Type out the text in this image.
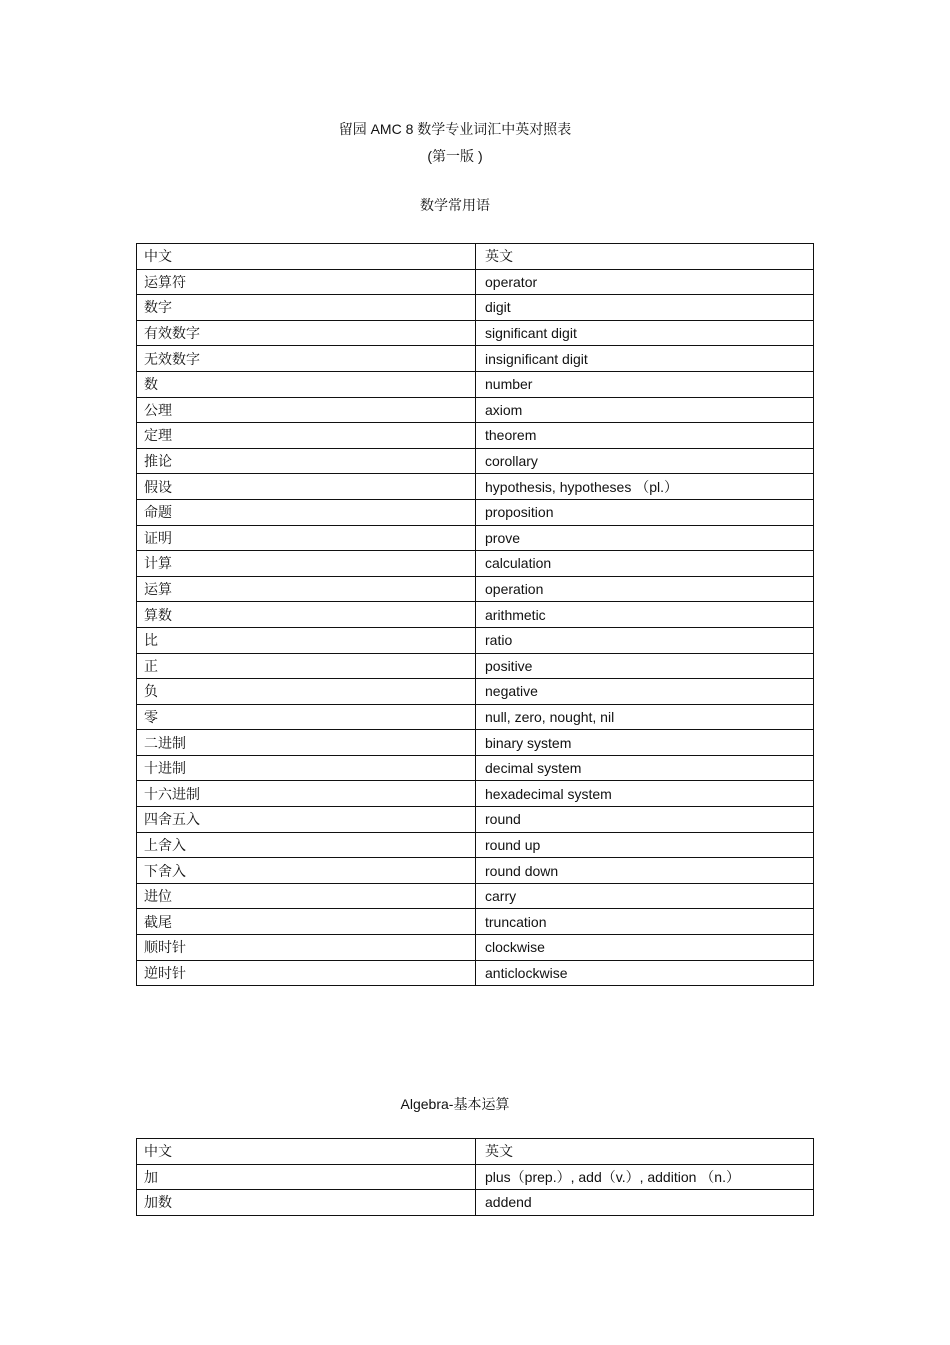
留园 AMC 8 数学专业词汇中英对照表
(第一版 )
数学常用语
中文	英文
运算符	operator
数字	digit
有效数字	significant digit
无效数字	insignificant digit
数	number
公理	axiom
定理	theorem
推论	corollary
假设	hypothesis, hypotheses （pl.）
命题	proposition
证明	prove
计算	calculation
运算	operation
算数	arithmetic
比	ratio
正	positive
负	negative
零	null, zero, nought, nil
二进制	binary system
十进制	decimal system
十六进制	hexadecimal system
四舍五入	round
上舍入	round up
下舍入	round down
进位	carry
截尾	truncation
顺时针	clockwise
逆时针	anticlockwise
Algebra-基本运算
中文	英文
加	plus（prep.）, add（v.）, addition （n.）
加数	addend
